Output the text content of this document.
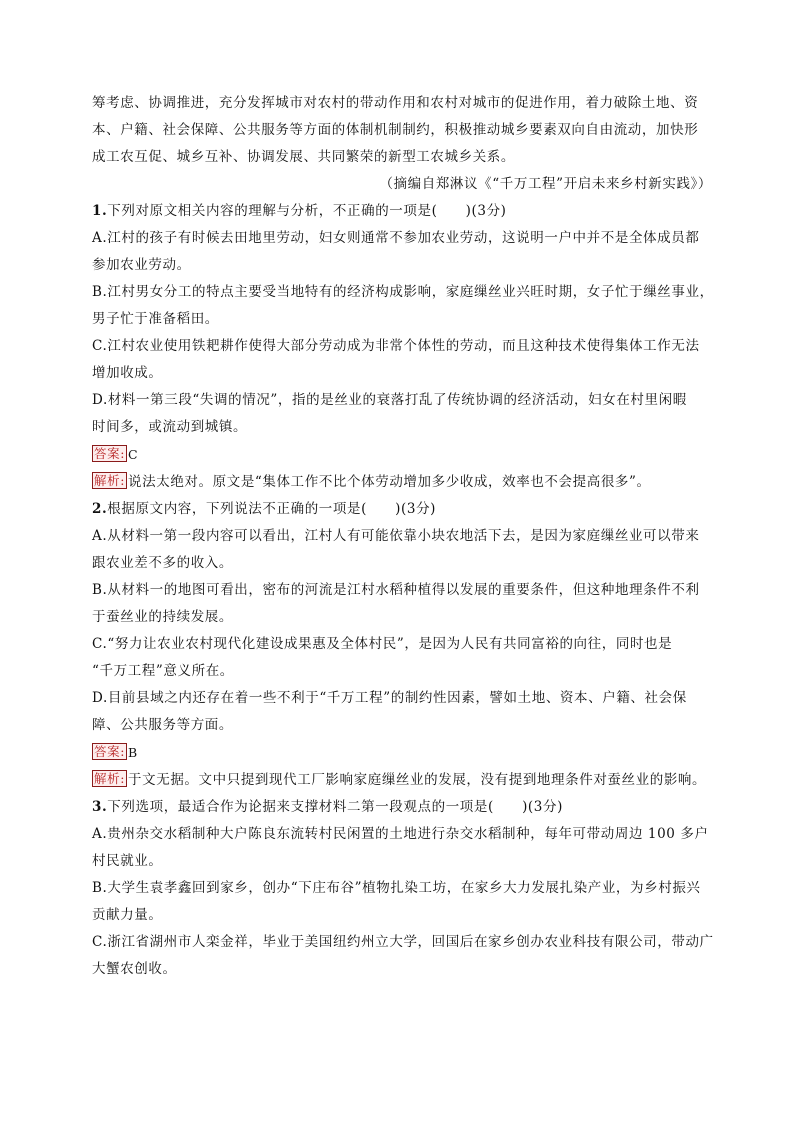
筹考虑、协调推进，充分发挥城市对农村的带动作用和农村对城市的促进作用，着力破除土地、资
本、户籍、社会保障、公共服务等方面的体制机制制约，积极推动城乡要素双向自由流动，加快形
成工农互促、城乡互补、协调发展、共同繁荣的新型工农城乡关系。
（摘编自郑淋议《“千万工程”开启未来乡村新实践》）
1.下列对原文相关内容的理解与分析，不正确的一项是(　　)(3分)
A.江村的孩子有时候去田地里劳动，妇女则通常不参加农业劳动，这说明一户中并不是全体成员都
参加农业劳动。
B.江村男女分工的特点主要受当地特有的经济构成影响，家庭缫丝业兴旺时期，女子忙于缫丝事业，
男子忙于准备稻田。
C.江村农业使用铁耙耕作使得大部分劳动成为非常个体性的劳动，而且这种技术使得集体工作无法
增加收成。
D.材料一第三段“失调的情况”，指的是丝业的衰落打乱了传统协调的经济活动，妇女在村里闲暇
时间多，或流动到城镇。
答案: C
解析: 说法太绝对。原文是“集体工作不比个体劳动增加多少收成，效率也不会提高很多”。
2.根据原文内容，下列说法不正确的一项是(　　)(3分)
A.从材料一第一段内容可以看出，江村人有可能依靠小块农地活下去，是因为家庭缫丝业可以带来
跟农业差不多的收入。
B.从材料一的地图可看出，密布的河流是江村水稻种植得以发展的重要条件，但这种地理条件不利
于蚕丝业的持续发展。
C.“努力让农业农村现代化建设成果惠及全体村民”，是因为人民有共同富裕的向往，同时也是
“千万工程”意义所在。
D.目前县域之内还存在着一些不利于“千万工程”的制约性因素，譬如土地、资本、户籍、社会保
障、公共服务等方面。
答案: B
解析: 于文无据。文中只提到现代工厂影响家庭缫丝业的发展，没有提到地理条件对蚕丝业的影响。
3.下列选项，最适合作为论据来支撑材料二第一段观点的一项是(　　)(3分)
A.贵州杂交水稻制种大户陈良东流转村民闲置的土地进行杂交水稻制种，每年可带动周边 100 多户
村民就业。
B.大学生袁孝鑫回到家乡，创办“下庄布谷”植物扎染工坊，在家乡大力发展扎染产业，为乡村振兴
贡献力量。
C.浙江省湖州市人栾金祥，毕业于美国纽约州立大学，回国后在家乡创办农业科技有限公司，带动广
大蟹农创收。
